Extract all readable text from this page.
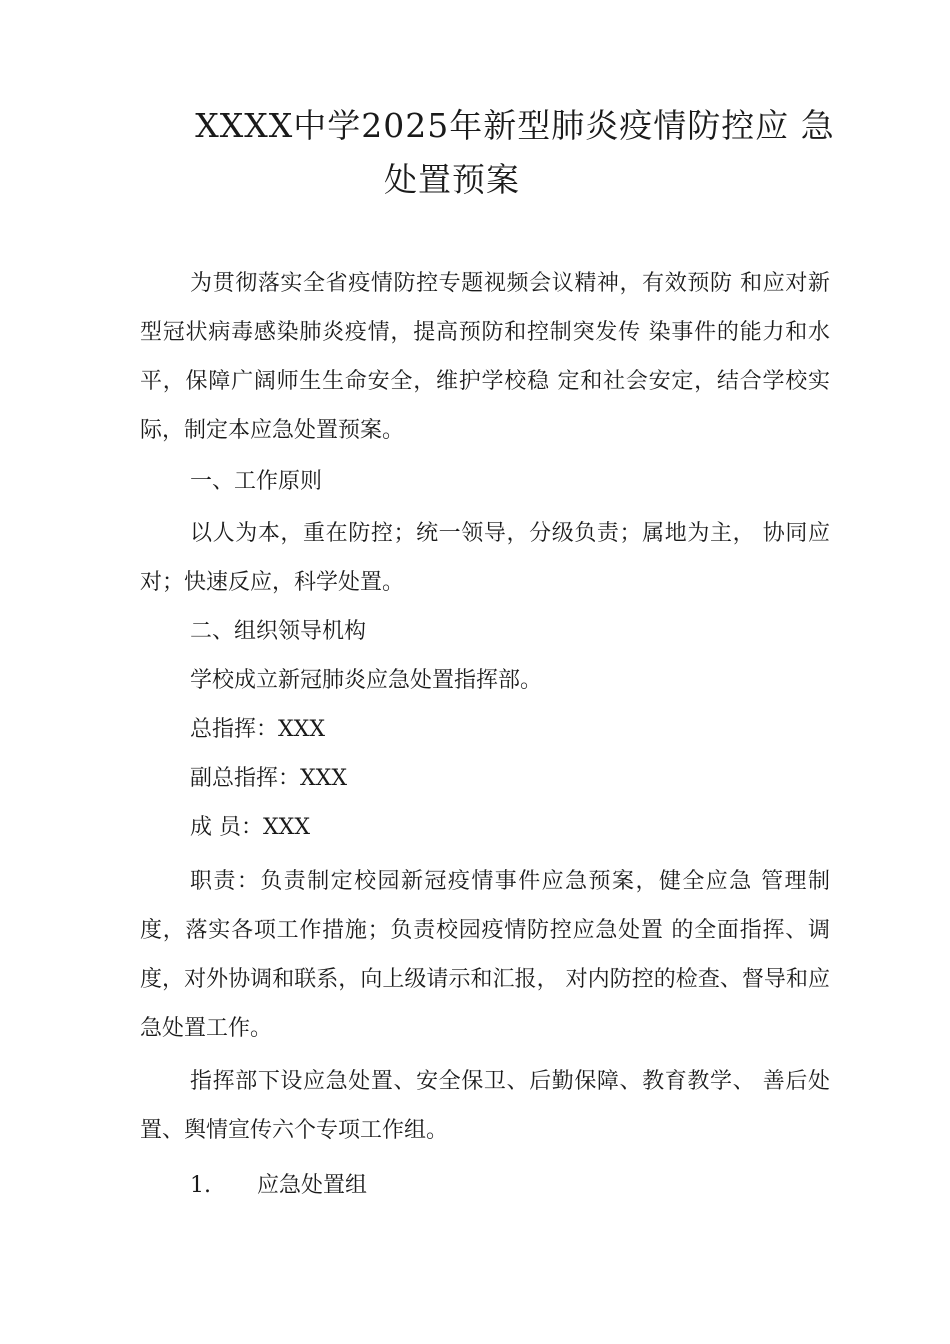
XXXX中学2025年新型肺炎疫情防控应 急
处置预案

为贯彻落实全省疫情防控专题视频会议精神，有效预防 和应对新型冠状病毒感染肺炎疫情，提高预防和控制突发传 染事件的能力和水平，保障广阔师生生命安全，维护学校稳 定和社会安定，结合学校实际，制定本应急处置预案。

一、工作原则

以人为本，重在防控；统一领导，分级负责；属地为主， 协同应对；快速反应，科学处置。

二、组织领导机构

学校成立新冠肺炎应急处置指挥部。

总指挥：XXX

副总指挥：XXX

成 员：XXX

职责：负责制定校园新冠疫情事件应急预案，健全应急 管理制度，落实各项工作措施；负责校园疫情防控应急处置 的全面指挥、调度，对外协调和联系，向上级请示和汇报， 对内防控的检查、督导和应急处置工作。

指挥部下设应急处置、安全保卫、后勤保障、教育教学、 善后处置、舆情宣传六个专项工作组。

1. 应急处置组
